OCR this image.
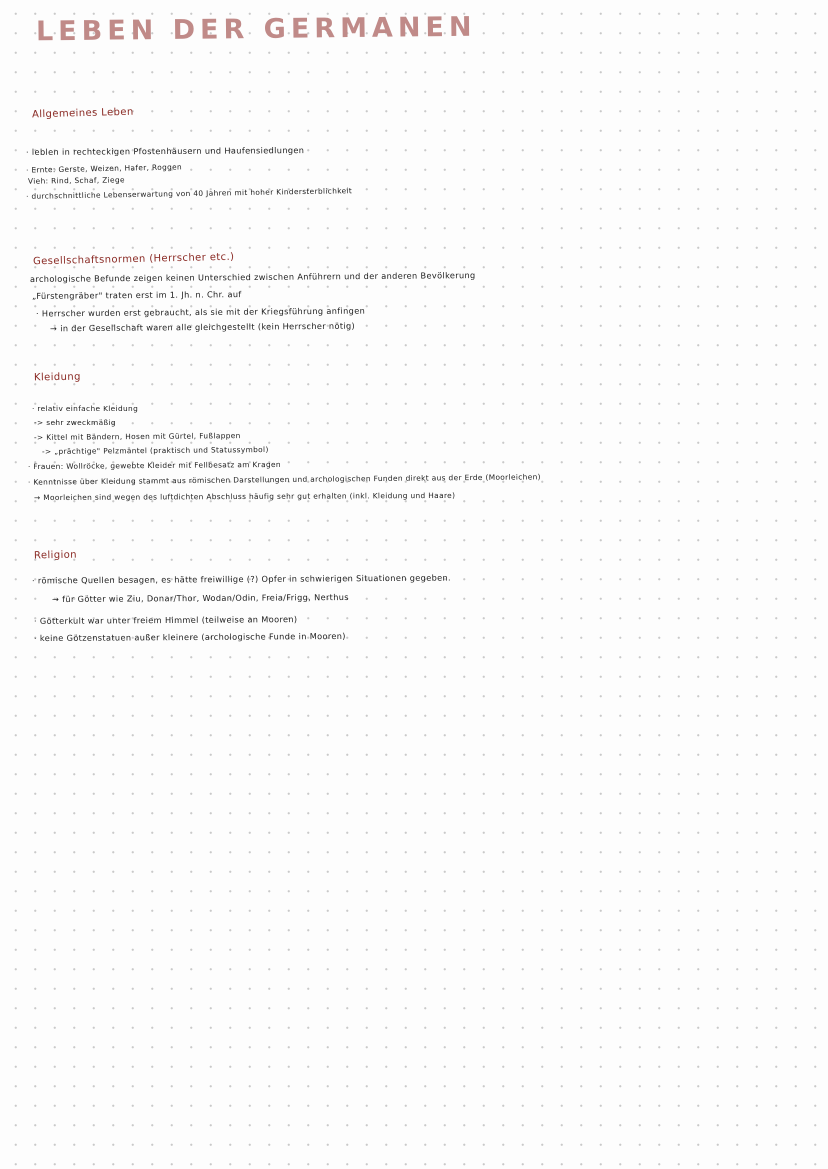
LEBEN DER GERMANEN
Allgemeines Leben
· leblen in rechteckigen Pfostenhäusern und Haufensiedlungen
· Ernte: Gerste, Weizen, Hafer, Roggen
Vieh: Rind, Schaf, Ziege
· durchschnittliche Lebenserwartung von 40 Jahren mit hoher Kindersterblichkeit
Gesellschaftsnormen (Herrscher etc.)
archologische Befunde zeigen keinen Unterschied zwischen Anführern und der anderen Bevölkerung
„Fürstengräber" traten erst im 1. Jh. n. Chr. auf
· Herrscher wurden erst gebraucht, als sie mit der Kriegsführung anfingen
→ in der Gesellschaft waren alle gleichgestellt (kein Herrscher nötig)
Kleidung
· relativ einfache Kleidung
-> sehr zweckmäßig
-> Kittel mit Bändern, Hosen mit Gürtel, Fußlappen
-> „prächtige" Pelzmäntel (praktisch und Statussymbol)
· Frauen: Wollröcke, gewebte Kleider mit Fellbesatz am Kragen
· Kenntnisse über Kleidung stammt aus römischen Darstellungen und archologischen Funden direkt aus der Erde (Moorleichen)
→ Moorleichen sind wegen des luftdichten Abschluss häufig sehr gut erhalten (inkl. Kleidung und Haare)
Religion
· römische Quellen besagen, es hätte freiwillige (?) Opfer in schwierigen Situationen gegeben.
→ für Götter wie Ziu, Donar/Thor, Wodan/Odin, Freia/Frigg, Nerthus
· Götterkult war unter freiem Himmel (teilweise an Mooren)
· keine Götzenstatuen außer kleinere (archologische Funde in Mooren)
